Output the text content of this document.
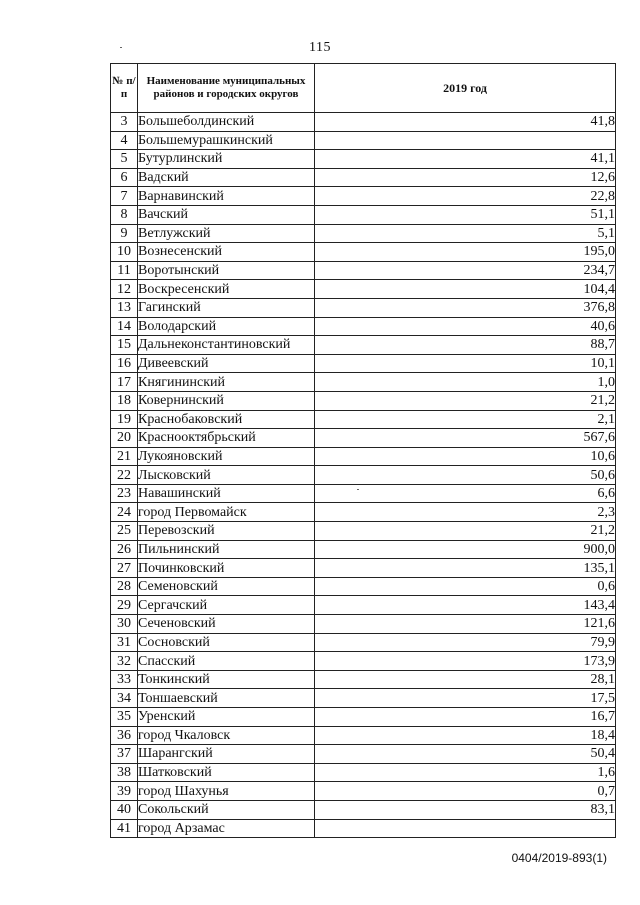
115
№ п/п	Наименование муниципальных районов и городских округов	2019 год
3	Большеболдинский	41,8
4	Большемурашкинский	
5	Бутурлинский	41,1
6	Вадский	12,6
7	Варнавинский	22,8
8	Вачский	51,1
9	Ветлужский	5,1
10	Вознесенский	195,0
11	Воротынский	234,7
12	Воскресенский	104,4
13	Гагинский	376,8
14	Володарский	40,6
15	Дальнеконстантиновский	88,7
16	Дивеевский	10,1
17	Княгининский	1,0
18	Ковернинский	21,2
19	Краснобаковский	2,1
20	Краснооктябрьский	567,6
21	Лукояновский	10,6
22	Лысковский	50,6
23	Навашинский	6,6
24	город Первомайск	2,3
25	Перевозский	21,2
26	Пильнинский	900,0
27	Починковский	135,1
28	Семеновский	0,6
29	Сергачский	143,4
30	Сеченовский	121,6
31	Сосновский	79,9
32	Спасский	173,9
33	Тонкинский	28,1
34	Тоншаевский	17,5
35	Уренский	16,7
36	город Чкаловск	18,4
37	Шарангский	50,4
38	Шатковский	1,6
39	город Шахунья	0,7
40	Сокольский	83,1
41	город Арзамас	
0404/2019-893(1)
